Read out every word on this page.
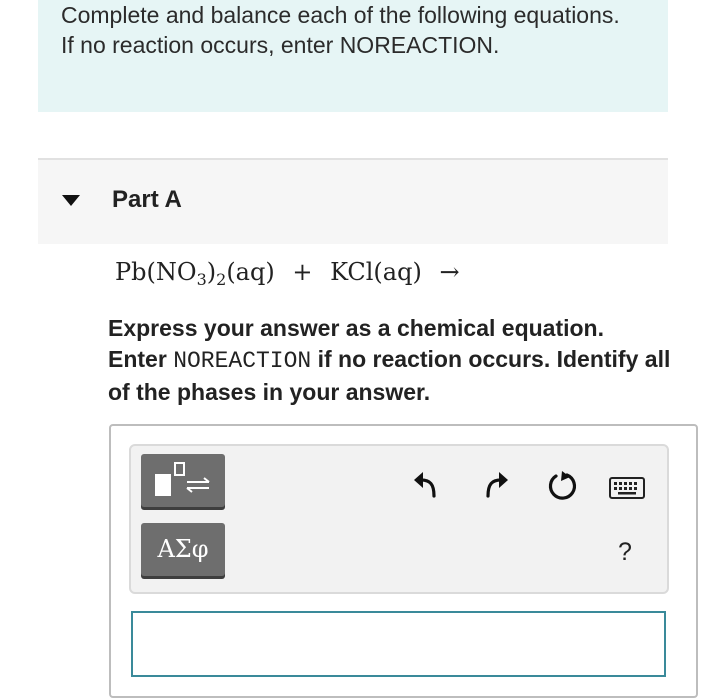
Complete and balance each of the following equations. If no reaction occurs, enter NOREACTION.
Part A
$Pb(NO_3)_2(aq) + KCl(aq)$ →
Express your answer as a chemical equation.
Enter NOREACTION if no reaction occurs. Identify all of the phases in your answer.
ΑΣφ	?
